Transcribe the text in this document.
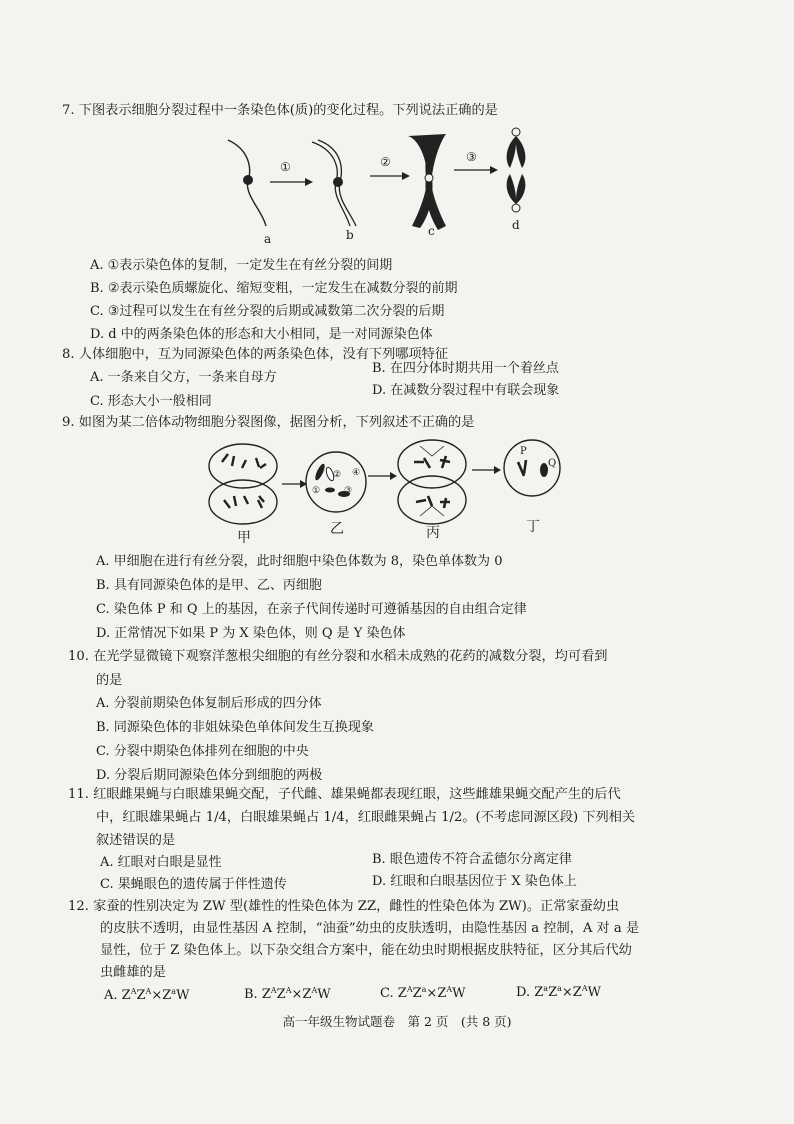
7. 下图表示细胞分裂过程中一条染色体(质)的变化过程。下列说法正确的是
①	②	③
a	b	c	d
A. ①表示染色体的复制，一定发生在有丝分裂的间期
B. ②表示染色质螺旋化、缩短变粗，一定发生在减数分裂的前期
C. ③过程可以发生在有丝分裂的后期或减数第二次分裂的后期
D. d 中的两条染色体的形态和大小相同，是一对同源染色体
8. 人体细胞中，互为同源染色体的两条染色体，没有下列哪项特征
A. 一条来自父方，一条来自母方
B. 在四分体时期共用一个着丝点
C. 形态大小一般相同
D. 在减数分裂过程中有联会现象
9. 如图为某二倍体动物细胞分裂图像，据图分析，下列叙述不正确的是
①
②
③
④
P
Q
甲
乙	丙	丁
A. 甲细胞在进行有丝分裂，此时细胞中染色体数为 8，染色单体数为 0
B. 具有同源染色体的是甲、乙、丙细胞
C. 染色体 P 和 Q 上的基因，在亲子代间传递时可遵循基因的自由组合定律
D. 正常情况下如果 P 为 X 染色体，则 Q 是 Y 染色体
10. 在光学显微镜下观察洋葱根尖细胞的有丝分裂和水稻未成熟的花药的减数分裂，均可看到
的是
A. 分裂前期染色体复制后形成的四分体
B. 同源染色体的非姐妹染色单体间发生互换现象
C. 分裂中期染色体排列在细胞的中央
D. 分裂后期同源染色体分到细胞的两极
11. 红眼雌果蝇与白眼雄果蝇交配，子代雌、雄果蝇都表现红眼，这些雌雄果蝇交配产生的后代
中，红眼雄果蝇占 1/4，白眼雄果蝇占 1/4，红眼雌果蝇占 1/2。(不考虑同源区段) 下列相关
叙述错误的是
A. 红眼对白眼是显性	B. 眼色遗传不符合孟德尔分离定律
C. 果蝇眼色的遗传属于伴性遗传	D. 红眼和白眼基因位于 X 染色体上
12. 家蚕的性别决定为 ZW 型(雄性的性染色体为 ZZ，雌性的性染色体为 ZW)。正常家蚕幼虫
的皮肤不透明，由显性基因 A 控制，“油蚕”幼虫的皮肤透明，由隐性基因 a 控制，A 对 a 是
显性，位于 Z 染色体上。以下杂交组合方案中，能在幼虫时期根据皮肤特征，区分其后代幼
虫雌雄的是
A. $Z^AZ^A\times Z^aW$	B. $Z^AZ^A\times Z^AW$	C. $Z^AZ^a\times Z^AW$	D. $Z^aZ^a\times Z^AW$
高一年级生物试题卷　第 2 页　(共 8 页)
